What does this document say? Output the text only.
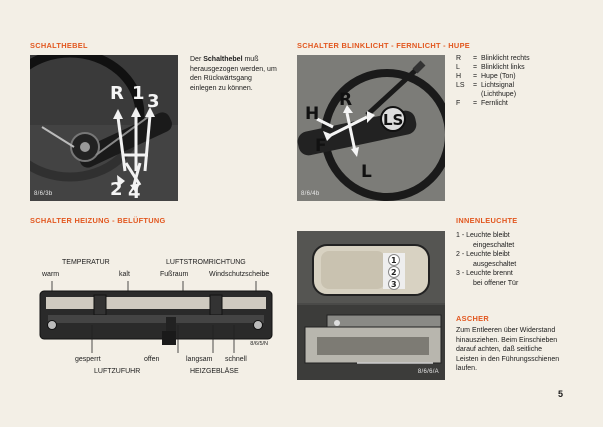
SCHALTHEBEL
R 1 3
2 4
8/6/3b
Der Schalthebel muß herausgezogen werden, um den Rückwärtsgang einlegen zu können.
SCHALTER BLINKLICHT - FERNLICHT - HUPE
H
R
LS
F
L
8/6/4b
R	= Blinklicht rechts
L	= Blinklicht links
H	= Hupe (Ton)
LS	= Lichtsignal
(Lichthupe)
F	= Fernlicht
SCHALTER HEIZUNG - BELÜFTUNG
TEMPERATUR
warm	kalt
LUFTSTROMRICHTUNG
Fußraum	Windschutzscheibe
8/6/5/N
gesperrt	offen	langsam schnell
LUFTZUFUHR	HEIZGEBLÄSE
1
2
3
8/6/6/A
INNENLEUCHTE
1 - Leuchte bleibt
eingeschaltet
2 - Leuchte bleibt
ausgeschaltet
3 - Leuchte brennt
bei offener Tür
ASCHER
Zum Entleeren über Widerstand hinausziehen. Beim Einschieben darauf achten, daß seitliche Leisten in den Führungsschienen laufen.
5
